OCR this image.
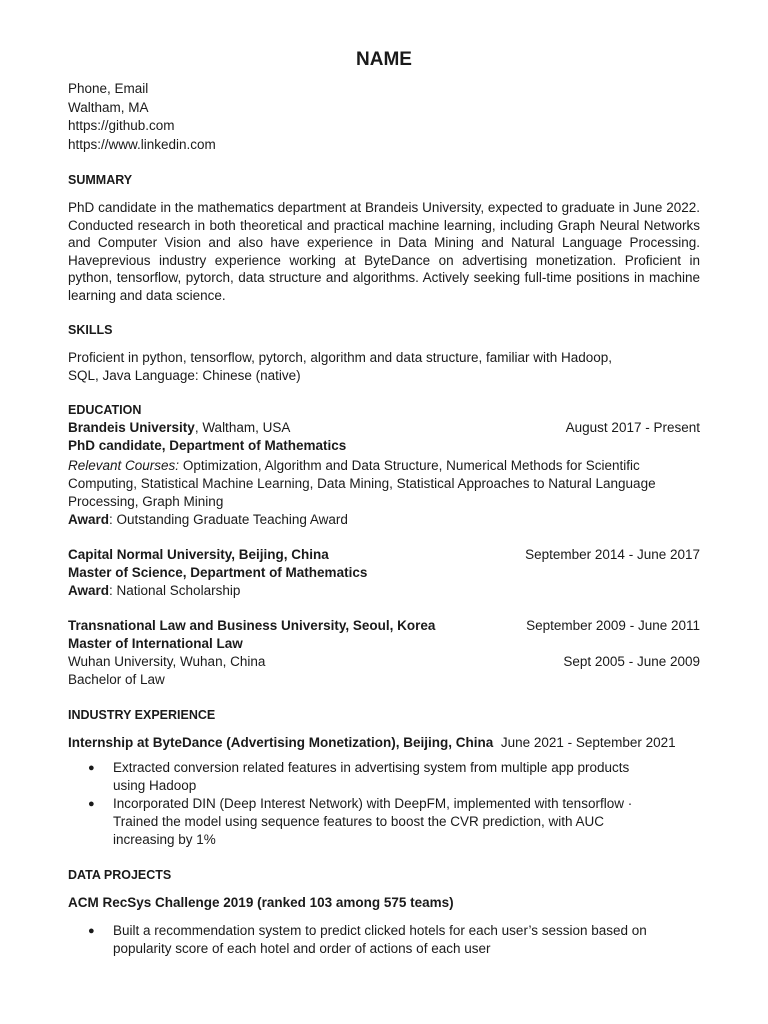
NAME
Phone, Email
Waltham, MA
https://github.com
https://www.linkedin.com
SUMMARY
PhD candidate in the mathematics department at Brandeis University, expected to graduate in June 2022. Conducted research in both theoretical and practical machine learning, including Graph Neural Networks and Computer Vision and also have experience in Data Mining and Natural Language Processing. Haveprevious industry experience working at ByteDance on advertising monetization. Proficient in python, tensorflow, pytorch, data structure and algorithms. Actively seeking full-time positions in machine learning and data science.
SKILLS
Proficient in python, tensorflow, pytorch, algorithm and data structure, familiar with Hadoop,
SQL, Java Language: Chinese (native)
EDUCATION
Brandeis University, Waltham, USA	August 2017 - Present
PhD candidate, Department of Mathematics
Relevant Courses: Optimization, Algorithm and Data Structure, Numerical Methods for Scientific Computing, Statistical Machine Learning, Data Mining, Statistical Approaches to Natural Language Processing, Graph Mining
Award: Outstanding Graduate Teaching Award
Capital Normal University, Beijing, China	September 2014 - June 2017
Master of Science, Department of Mathematics
Award: National Scholarship
Transnational Law and Business University, Seoul, Korea	September 2009 - June 2011
Master of International Law
Wuhan University, Wuhan, China	Sept 2005 - June 2009
Bachelor of Law
INDUSTRY EXPERIENCE
Internship at ByteDance (Advertising Monetization), Beijing, China June 2021 - September 2021
●	Extracted conversion related features in advertising system from multiple app products using Hadoop
●	Incorporated DIN (Deep Interest Network) with DeepFM, implemented with tensorflow · Trained the model using sequence features to boost the CVR prediction, with AUC increasing by 1%
DATA PROJECTS
ACM RecSys Challenge 2019 (ranked 103 among 575 teams)
●	Built a recommendation system to predict clicked hotels for each user’s session based on popularity score of each hotel and order of actions of each user
